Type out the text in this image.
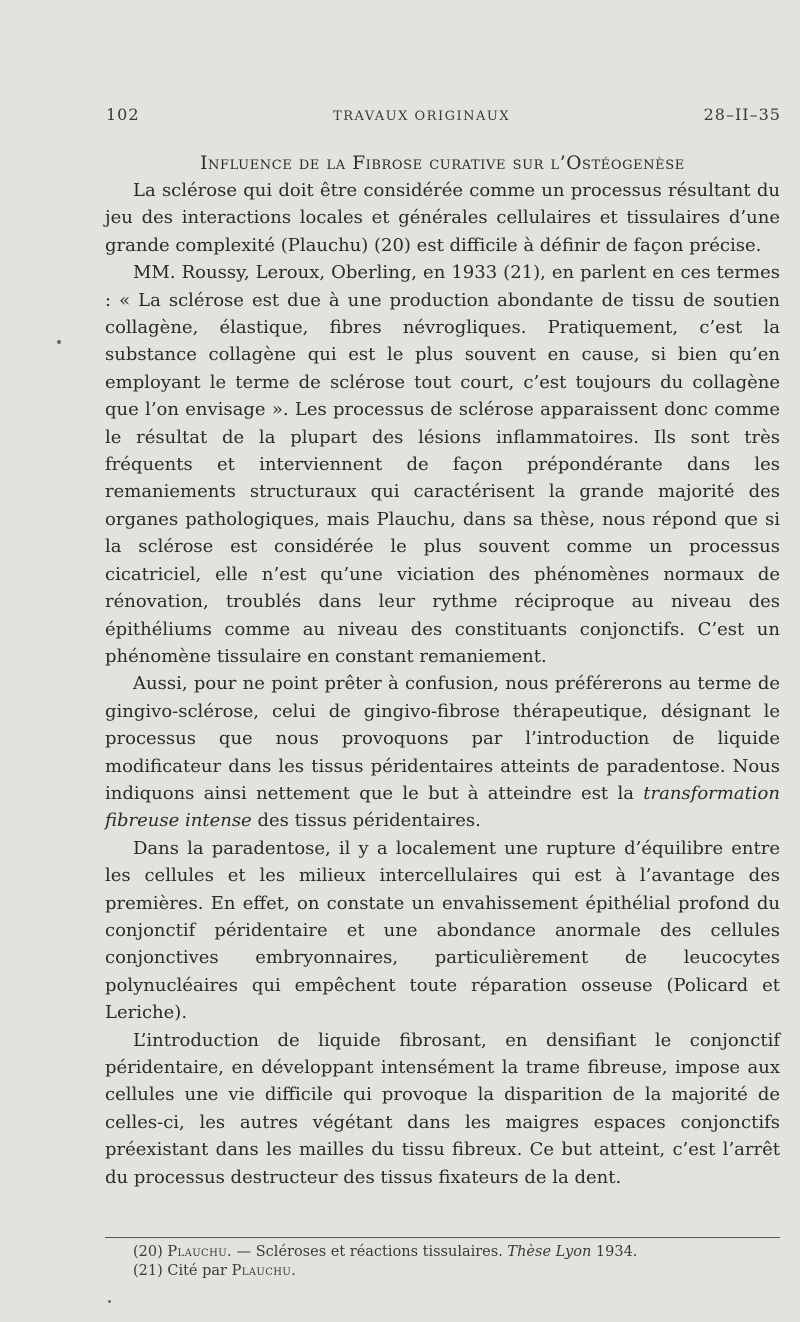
102	TRAVAUX ORIGINAUX	28–II–35

Influence de la Fibrose curative sur l’Ostéogenèse

La sclérose qui doit être considérée comme un processus résultant du jeu des interactions locales et générales cellulaires et tissulaires d’une grande complexité (Plauchu) (20) est difficile à définir de façon précise.

MM. Roussy, Leroux, Oberling, en 1933 (21), en parlent en ces termes : « La sclérose est due à une production abondante de tissu de soutien collagène, élastique, fibres névrogliques. Pratiquement, c’est la substance collagène qui est le plus souvent en cause, si bien qu’en employant le terme de sclérose tout court, c’est toujours du collagène que l’on envisage ». Les processus de sclérose apparaissent donc comme le résultat de la plupart des lésions inflammatoires. Ils sont très fréquents et interviennent de façon prépondérante dans les remaniements structuraux qui caractérisent la grande majorité des organes pathologiques, mais Plauchu, dans sa thèse, nous répond que si la sclérose est considérée le plus souvent comme un processus cicatriciel, elle n’est qu’une viciation des phénomènes normaux de rénovation, troublés dans leur rythme réciproque au niveau des épithéliums comme au niveau des constituants conjonctifs. C’est un phénomène tissulaire en constant remaniement.

Aussi, pour ne point prêter à confusion, nous préférerons au terme de gingivo-sclérose, celui de gingivo-fibrose thérapeutique, désignant le processus que nous provoquons par l’introduction de liquide modificateur dans les tissus péridentaires atteints de paradentose. Nous indiquons ainsi nettement que le but à atteindre est la transformation fibreuse intense des tissus péridentaires.

Dans la paradentose, il y a localement une rupture d’équilibre entre les cellules et les milieux intercellulaires qui est à l’avantage des premières. En effet, on constate un envahissement épithélial profond du conjonctif péridentaire et une abondance anormale des cellules conjonctives embryonnaires, particulièrement de leucocytes polynucléaires qui empêchent toute réparation osseuse (Policard et Leriche).

L’introduction de liquide fibrosant, en densifiant le conjonctif péridentaire, en développant intensément la trame fibreuse, impose aux cellules une vie difficile qui provoque la disparition de la majorité de celles-ci, les autres végétant dans les maigres espaces conjonctifs préexistant dans les mailles du tissu fibreux. Ce but atteint, c’est l’arrêt du processus destructeur des tissus fixateurs de la dent.

(20) Plauchu. — Scléroses et réactions tissulaires. Thèse Lyon 1934.

(21) Cité par Plauchu.
